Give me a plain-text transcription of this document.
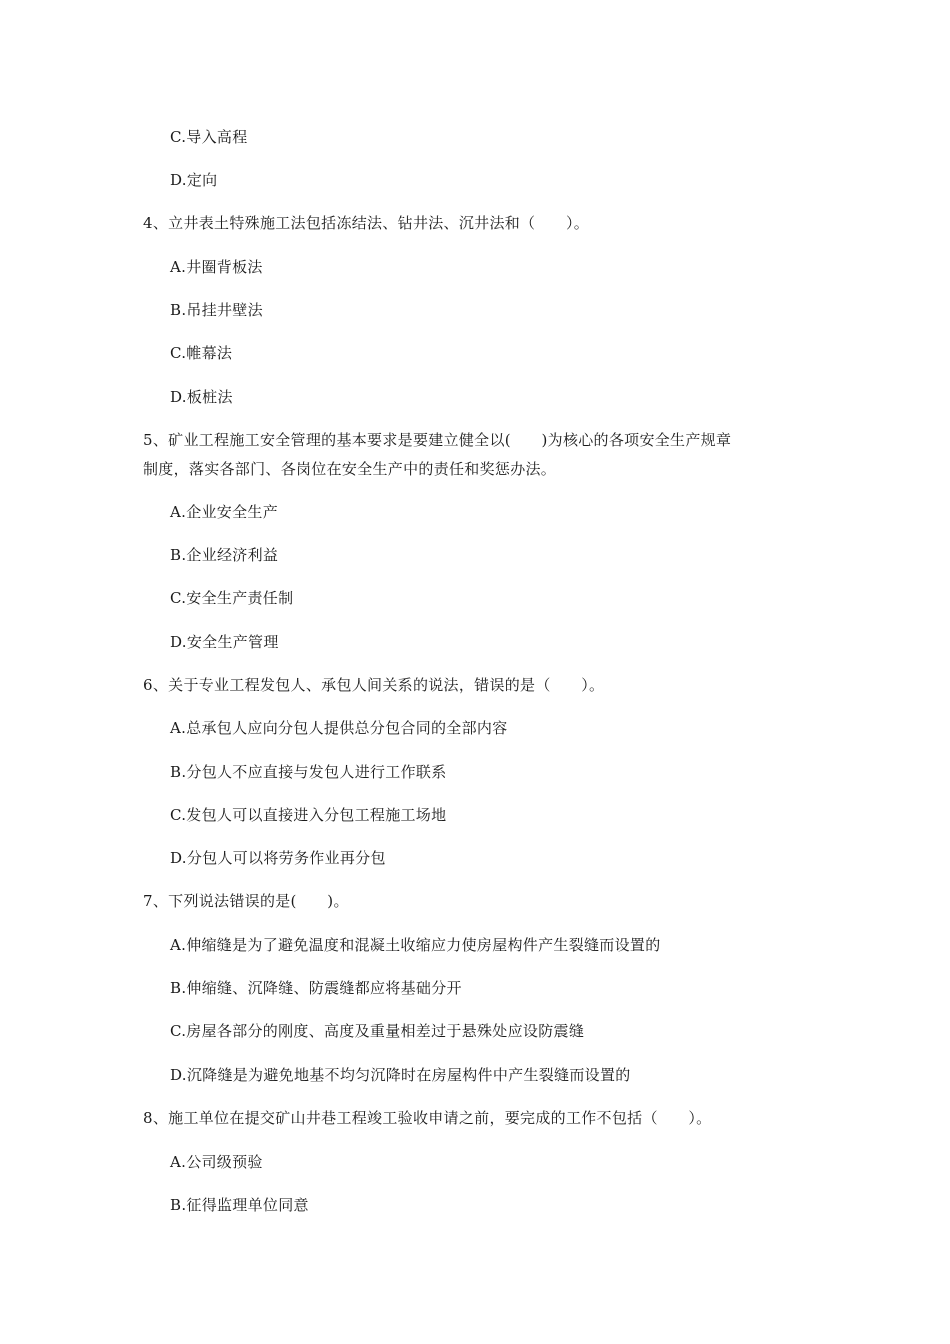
C.导入高程
D.定向
4、立井表土特殊施工法包括冻结法、钻井法、沉井法和（　　）。
A.井圈背板法
B.吊挂井壁法
C.帷幕法
D.板桩法
5、矿业工程施工安全管理的基本要求是要建立健全以(　　)为核心的各项安全生产规章
制度，落实各部门、各岗位在安全生产中的责任和奖惩办法。
A.企业安全生产
B.企业经济利益
C.安全生产责任制
D.安全生产管理
6、关于专业工程发包人、承包人间关系的说法，错误的是（　　）。
A.总承包人应向分包人提供总分包合同的全部内容
B.分包人不应直接与发包人进行工作联系
C.发包人可以直接进入分包工程施工场地
D.分包人可以将劳务作业再分包
7、下列说法错误的是(　　)。
A.伸缩缝是为了避免温度和混凝土收缩应力使房屋构件产生裂缝而设置的
B.伸缩缝、沉降缝、防震缝都应将基础分开
C.房屋各部分的刚度、高度及重量相差过于悬殊处应设防震缝
D.沉降缝是为避免地基不均匀沉降时在房屋构件中产生裂缝而设置的
8、施工单位在提交矿山井巷工程竣工验收申请之前，要完成的工作不包括（　　）。
A.公司级预验
B.征得监理单位同意
